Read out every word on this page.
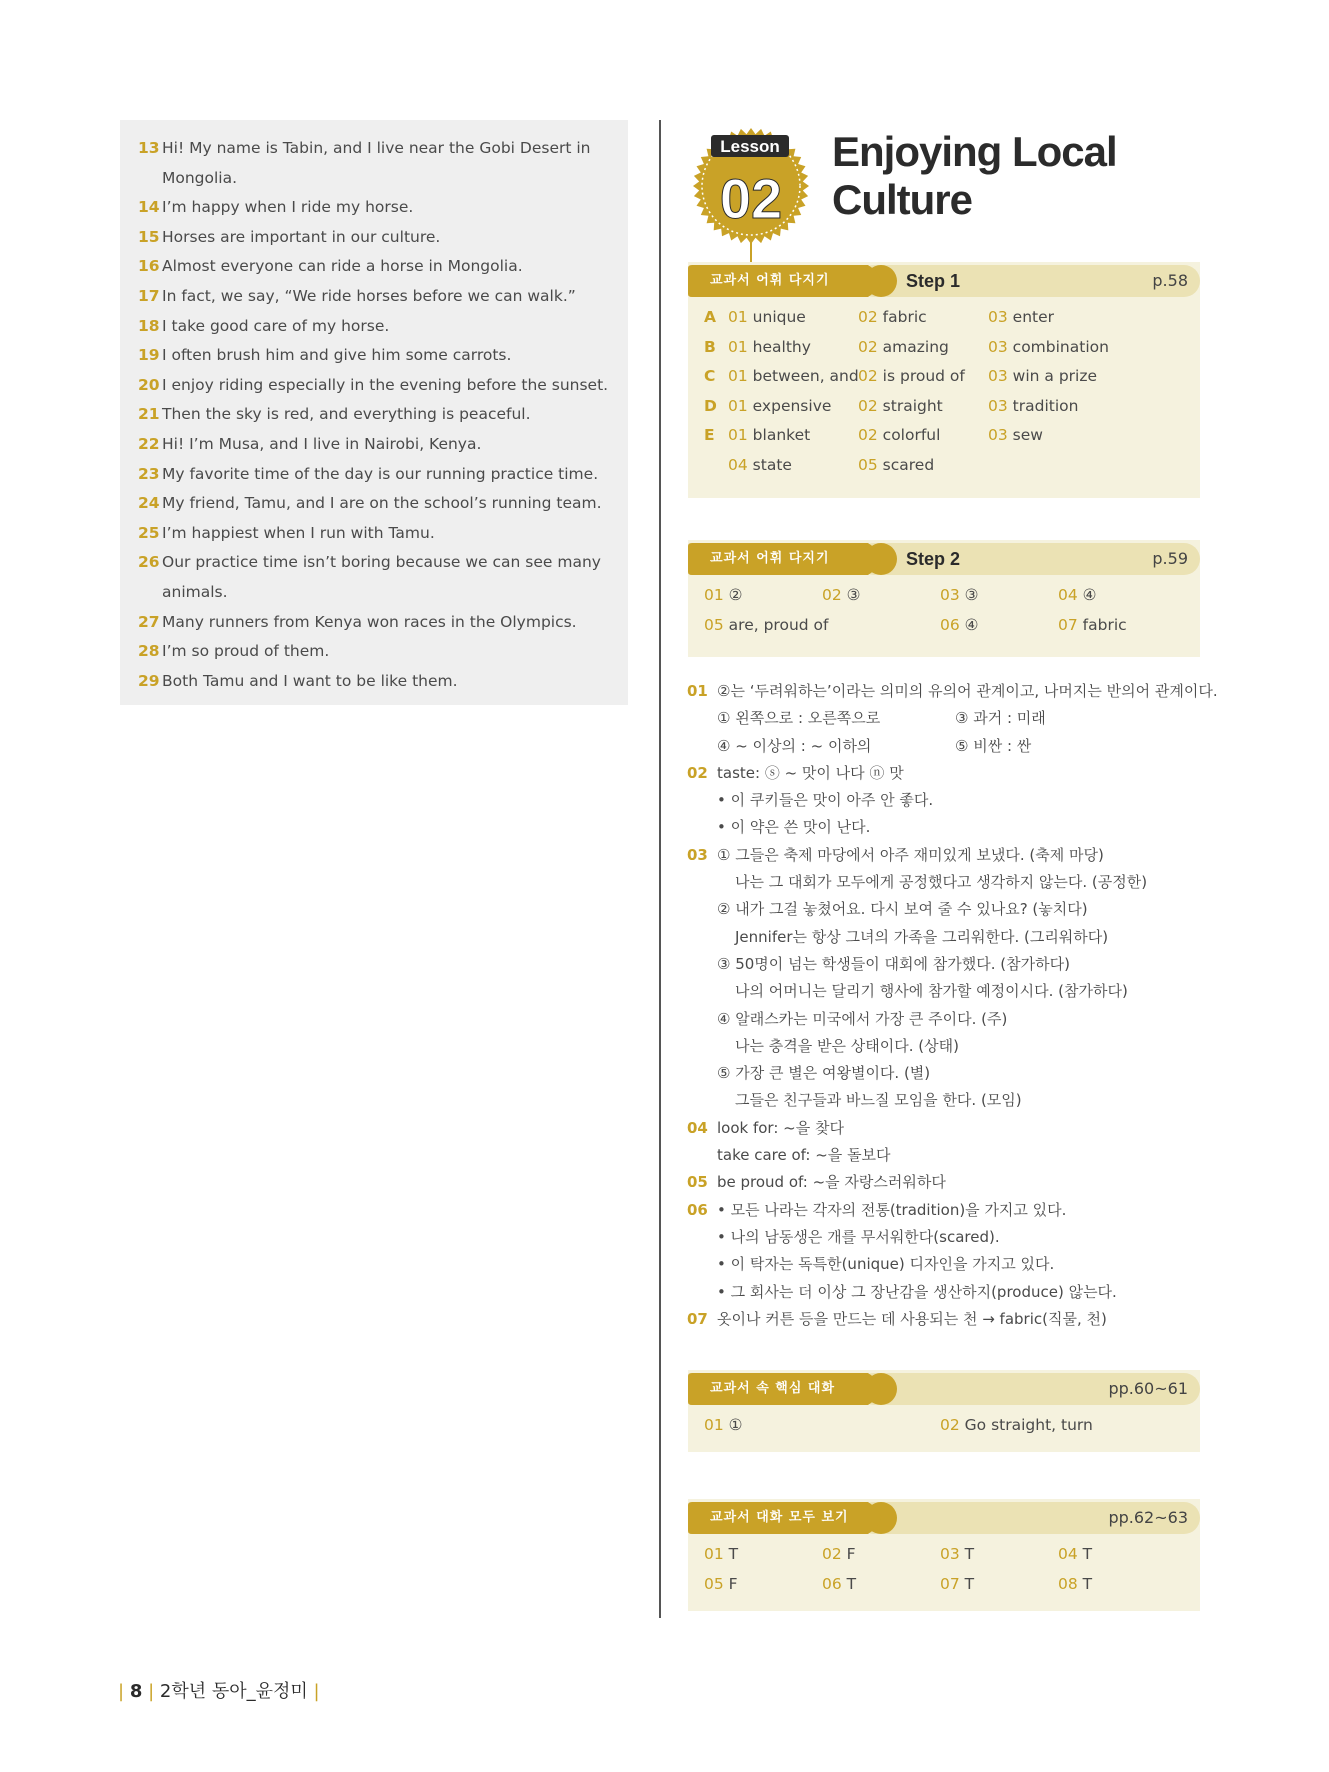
13 Hi! My name is Tabin, and I live near the Gobi Desert in
Mongolia.
14 I’m happy when I ride my horse.
15 Horses are important in our culture.
16 Almost everyone can ride a horse in Mongolia.
17 In fact, we say, “We ride horses before we can walk.”
18 I take good care of my horse.
19 I often brush him and give him some carrots.
20 I enjoy riding especially in the evening before the sunset.
21 Then the sky is red, and everything is peaceful.
22 Hi! I’m Musa, and I live in Nairobi, Kenya.
23 My favorite time of the day is our running practice time.
24 My friend, Tamu, and I are on the school’s running team.
25 I’m happiest when I run with Tamu.
26 Our practice time isn’t boring because we can see many
animals.
27 Many runners from Kenya won races in the Olympics.
28 I’m so proud of them.
29 Both Tamu and I want to be like them.
Lesson
02
Enjoying Local
Culture
교과서 어휘 다지기	Step 1	p.58
A 01 unique	02 fabric	03 enter
B 01 healthy	02 amazing	03 combination
C 01 between, and 02 is proud of 03 win a prize
D 01 expensive 02 straight	03 tradition
E 01 blanket	02 colorful	03 sew
04 state	05 scared
교과서 어휘 다지기	Step 2	p.59
01 ②	02 ③	03 ③	04 ④
05 are, proud of	06 ④	07 fabric
01 ②는 ‘두려워하는’이라는 의미의 유의어 관계이고, 나머지는 반의어 관계이다.
① 왼쪽으로 : 오른쪽으로	③ 과거 : 미래
④ ~ 이상의 : ~ 이하의	⑤ 비싼 : 싼
02 taste: ⓢ ~ 맛이 나다 ⓝ 맛
• 이 쿠키들은 맛이 아주 안 좋다.
• 이 약은 쓴 맛이 난다.
03 ① 그들은 축제 마당에서 아주 재미있게 보냈다. (축제 마당)
나는 그 대회가 모두에게 공정했다고 생각하지 않는다. (공정한)
② 내가 그걸 놓쳤어요. 다시 보여 줄 수 있나요? (놓치다)
Jennifer는 항상 그녀의 가족을 그리워한다. (그리워하다)
③ 50명이 넘는 학생들이 대회에 참가했다. (참가하다)
나의 어머니는 달리기 행사에 참가할 예정이시다. (참가하다)
④ 알래스카는 미국에서 가장 큰 주이다. (주)
나는 충격을 받은 상태이다. (상태)
⑤ 가장 큰 별은 여왕별이다. (별)
그들은 친구들과 바느질 모임을 한다. (모임)
04 look for: ~을 찾다
take care of: ~을 돌보다
05 be proud of: ~을 자랑스러워하다
06 • 모든 나라는 각자의 전통(tradition)을 가지고 있다.
• 나의 남동생은 개를 무서워한다(scared).
• 이 탁자는 독특한(unique) 디자인을 가지고 있다.
• 그 회사는 더 이상 그 장난감을 생산하지(produce) 않는다.
07 옷이나 커튼 등을 만드는 데 사용되는 천 → fabric(직물, 천)
교과서 속 핵심 대화	pp.60~61
01 ①	02 Go straight, turn
교과서 대화 모두 보기	pp.62~63
01 T	02 F	03 T	04 T
05 F	06 T	07 T	08 T
| 8 | 2학년 동아_윤정미 |
